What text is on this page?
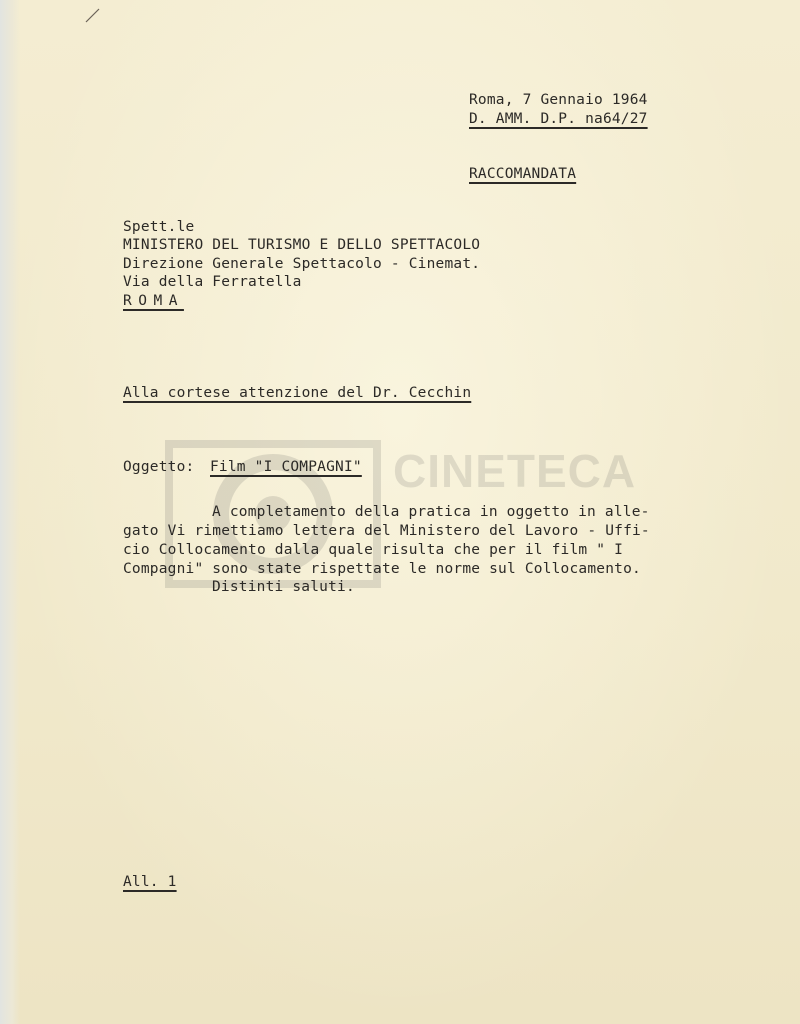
CINETECA
Roma, 7 Gennaio 1964
D. AMM. D.P. na64/27
RACCOMANDATA
Spett.le
MINISTERO DEL TURISMO E DELLO SPETTACOLO
Direzione Generale Spettacolo - Cinemat.
Via della Ferratella
ROMA
Alla cortese attenzione del Dr. Cecchin
Oggetto: Film "I COMPAGNI"
A completamento della pratica in oggetto in alle-
gato Vi rimettiamo lettera del Ministero del Lavoro - Uffi-
cio Collocamento dalla quale risulta che per il film " I
Compagni" sono state rispettate le norme sul Collocamento.
Distinti saluti.
All. 1
